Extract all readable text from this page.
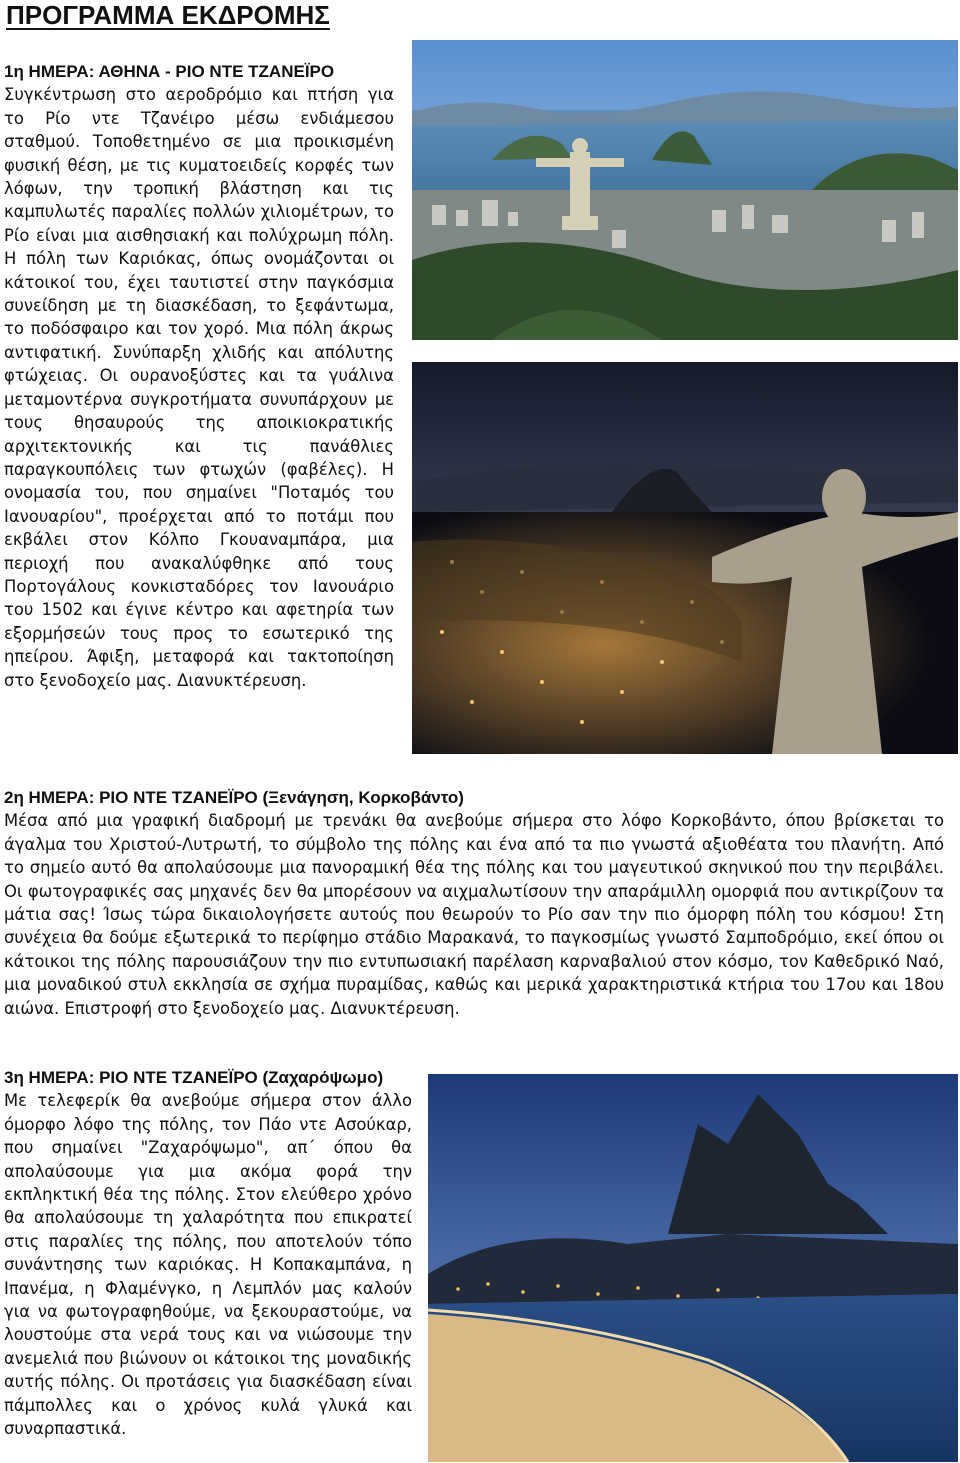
ΠΡΟΓΡΑΜΜΑ ΕΚΔΡΟΜΗΣ
1η ΗΜΕΡΑ: ΑΘΗΝΑ - ΡΙΟ ΝΤΕ ΤΖΑΝΕΪΡΟ
Συγκέντρωση στο αεροδρόμιο και πτήση για το Ρίο ντε Τζανέιρο μέσω ενδιάμεσου σταθμού. Τοποθετημένο σε μια προικισμένη φυσική θέση, με τις κυματοειδείς κορφές των λόφων, την τροπική βλάστηση και τις καμπυλωτές παραλίες πολλών χιλιομέτρων, το Ρίο είναι μια αισθησιακή και πολύχρωμη πόλη. Η πόλη των Καριόκας, όπως ονομάζονται οι κάτοικοί του, έχει ταυτιστεί στην παγκόσμια συνείδηση με τη διασκέδαση, το ξεφάντωμα, το ποδόσφαιρο και τον χορό. Μια πόλη άκρως αντιφατική. Συνύπαρξη χλιδής και απόλυτης φτώχειας. Οι ουρανοξύστες και τα γυάλινα μεταμοντέρνα συγκροτήματα συνυπάρχουν με τους θησαυρούς της αποικιοκρατικής αρχιτεκτονικής και τις πανάθλιες παραγκουπόλεις των φτωχών (φαβέλες). Η ονομασία του, που σημαίνει "Ποταμός του Ιανουαρίου", προέρχεται από το ποτάμι που εκβάλει στον Κόλπο Γκουαναμπάρα, μια περιοχή που ανακαλύφθηκε από τους Πορτογάλους κονκισταδόρες τον Ιανουάριο του 1502 και έγινε κέντρο και αφετηρία των εξορμήσεών τους προς το εσωτερικό της ηπείρου. Άφιξη, μεταφορά και τακτοποίηση στο ξενοδοχείο μας. Διανυκτέρευση.
2η ΗΜΕΡΑ: ΡΙΟ ΝΤΕ ΤΖΑΝΕΪΡΟ (Ξενάγηση, Κορκοβάντο)
Μέσα από μια γραφική διαδρομή με τρενάκι θα ανεβούμε σήμερα στο λόφο Κορκοβάντο, όπου βρίσκεται το άγαλμα του Χριστού-Λυτρωτή, το σύμβολο της πόλης και ένα από τα πιο γνωστά αξιοθέατα του πλανήτη. Από το σημείο αυτό θα απολαύσουμε μια πανοραμική θέα της πόλης και του μαγευτικού σκηνικού που την περιβάλει. Οι φωτογραφικές σας μηχανές δεν θα μπορέσουν να αιχμαλωτίσουν την απαράμιλλη ομορφιά που αντικρίζουν τα μάτια σας! Ίσως τώρα δικαιολογήσετε αυτούς που θεωρούν το Ρίο σαν την πιο όμορφη πόλη του κόσμου! Στη συνέχεια θα δούμε εξωτερικά το περίφημο στάδιο Μαρακανά, το παγκοσμίως γνωστό Σαμποδρόμιο, εκεί όπου οι κάτοικοι της πόλης παρουσιάζουν την πιο εντυπωσιακή παρέλαση καρναβαλιού στον κόσμο, τον Καθεδρικό Ναό, μια μοναδικού στυλ εκκλησία σε σχήμα πυραμίδας, καθώς και μερικά χαρακτηριστικά κτήρια του 17ου και 18ου αιώνα. Επιστροφή στο ξενοδοχείο μας. Διανυκτέρευση.
3η ΗΜΕΡΑ: ΡΙΟ ΝΤΕ ΤΖΑΝΕΪΡΟ (Ζαχαρόψωμο)
Με τελεφερίκ θα ανεβούμε σήμερα στον άλλο όμορφο λόφο της πόλης, τον Πάο ντε Ασούκαρ, που σημαίνει "Ζαχαρόψωμο", απ΄ όπου θα απολαύσουμε για μια ακόμα φορά την εκπληκτική θέα της πόλης. Στον ελεύθερο χρόνο θα απολαύσουμε τη χαλαρότητα που επικρατεί στις παραλίες της πόλης, που αποτελούν τόπο συνάντησης των καριόκας. Η Κοπακαμπάνα, η Ιπανέμα, η Φλαμένγκο, η Λεμπλόν μας καλούν για να φωτογραφηθούμε, να ξεκουραστούμε, να λουστούμε στα νερά τους και να νιώσουμε την ανεμελιά που βιώνουν οι κάτοικοι της μοναδικής αυτής πόλης. Οι προτάσεις για διασκέδαση είναι πάμπολλες και ο χρόνος κυλά γλυκά και συναρπαστικά.
